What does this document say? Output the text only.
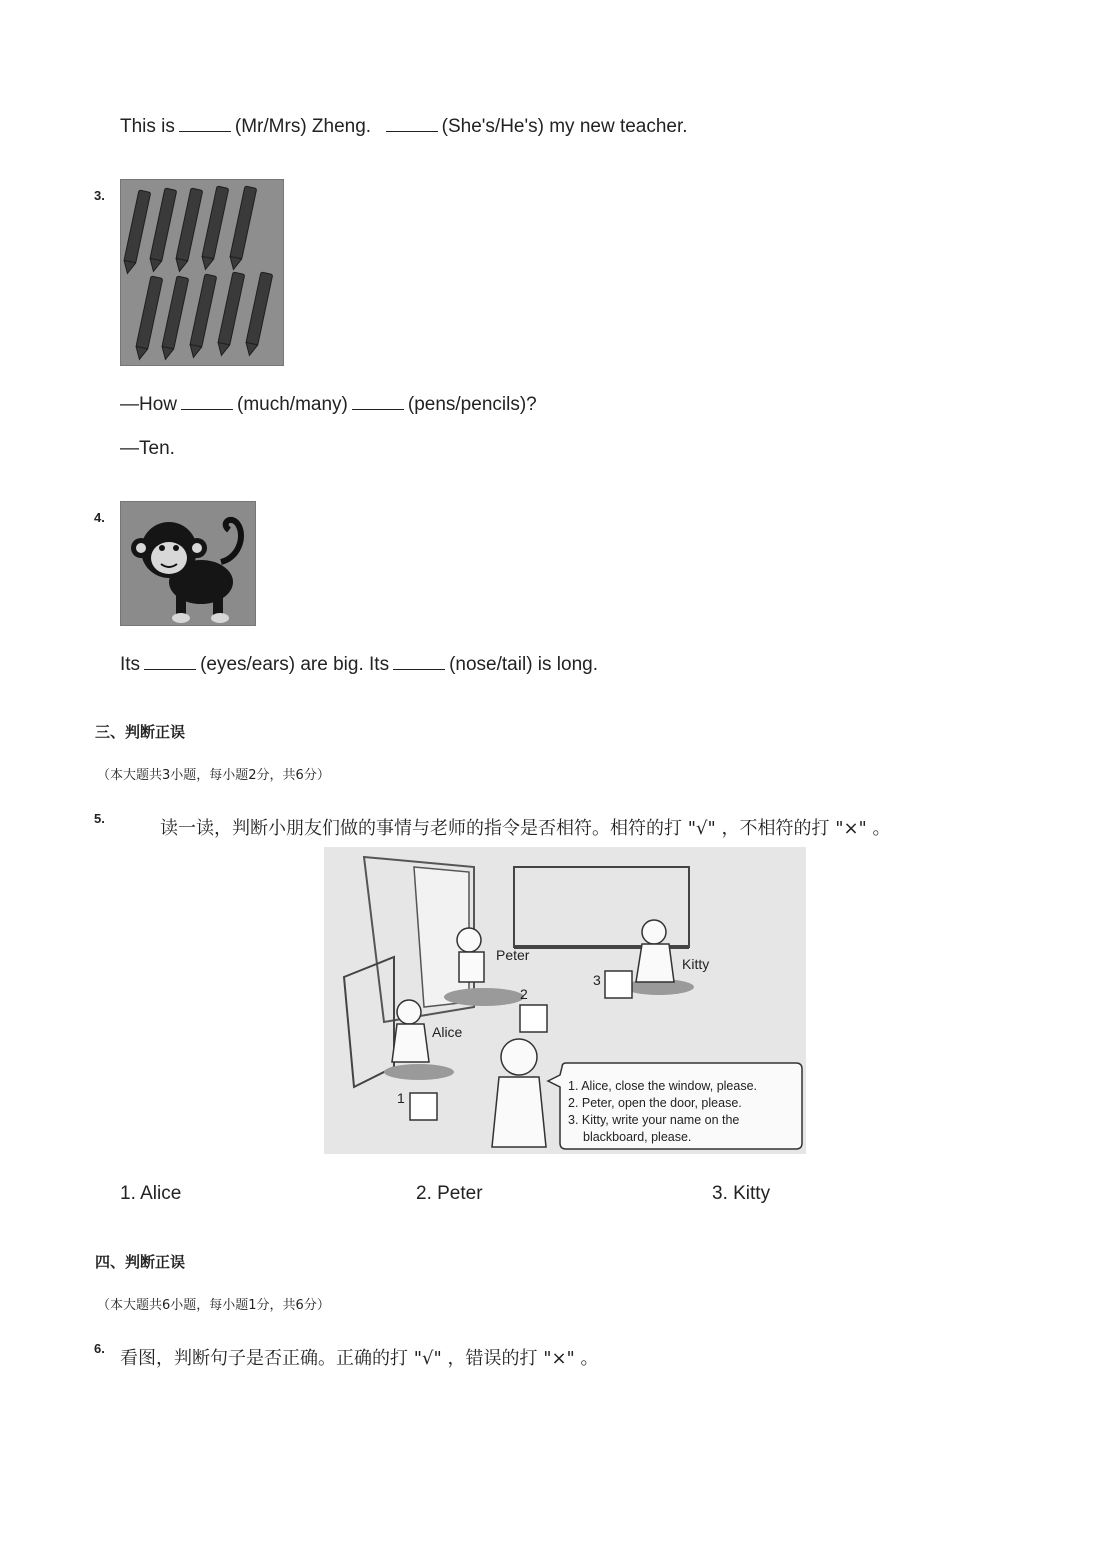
This is	(Mr/Mrs) Zheng.	(She's/He's) my new teacher.
3.
—How	(much/many)	(pens/pencils)?
—Ten.
4.
Its	(eyes/ears) are big. Its	(nose/tail) is long.
三、判断正误
（本大题共3小题，每小题2分，共6分）
5.	读一读，判断小朋友们做的事情与老师的指令是否相符。相符的打 "√" ，不相符的打 "×" 。
Peter
Kitty
Alice
1
2
3
1. Alice, close the window, please.
2. Peter, open the door, please.
3. Kitty, write your name on the
blackboard, please.
1. Alice	2. Peter	3. Kitty
四、判断正误
（本大题共6小题，每小题1分，共6分）
6. 看图，判断句子是否正确。正确的打 "√" ，错误的打 "×" 。
